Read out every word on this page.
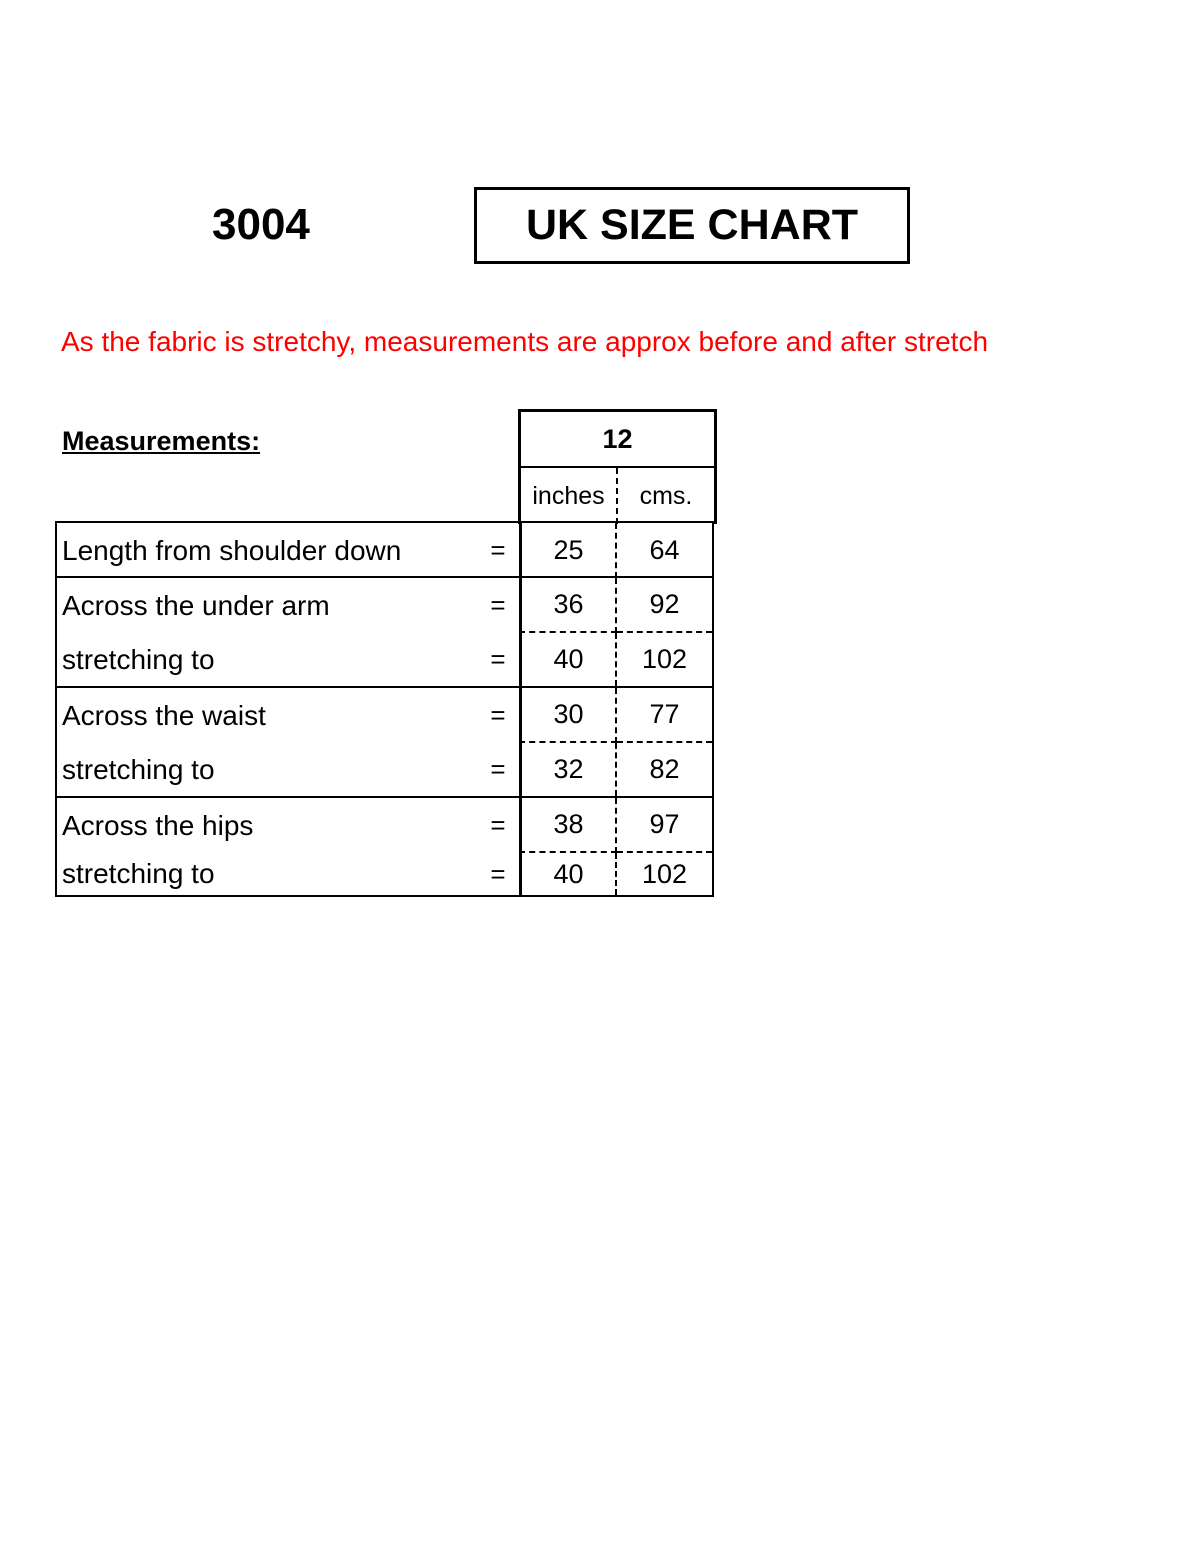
3004	UK SIZE CHART
As the fabric is stretchy, measurements are approx before and after stretch
Measurements:	12
inches	cms.
Length from shoulder down	=	25	64
Across the under arm	=	36	92
stretching to	=	40	102
Across the waist	=	30	77
stretching to	=	32	82
Across the hips	=	38	97
stretching to	=	40	102
